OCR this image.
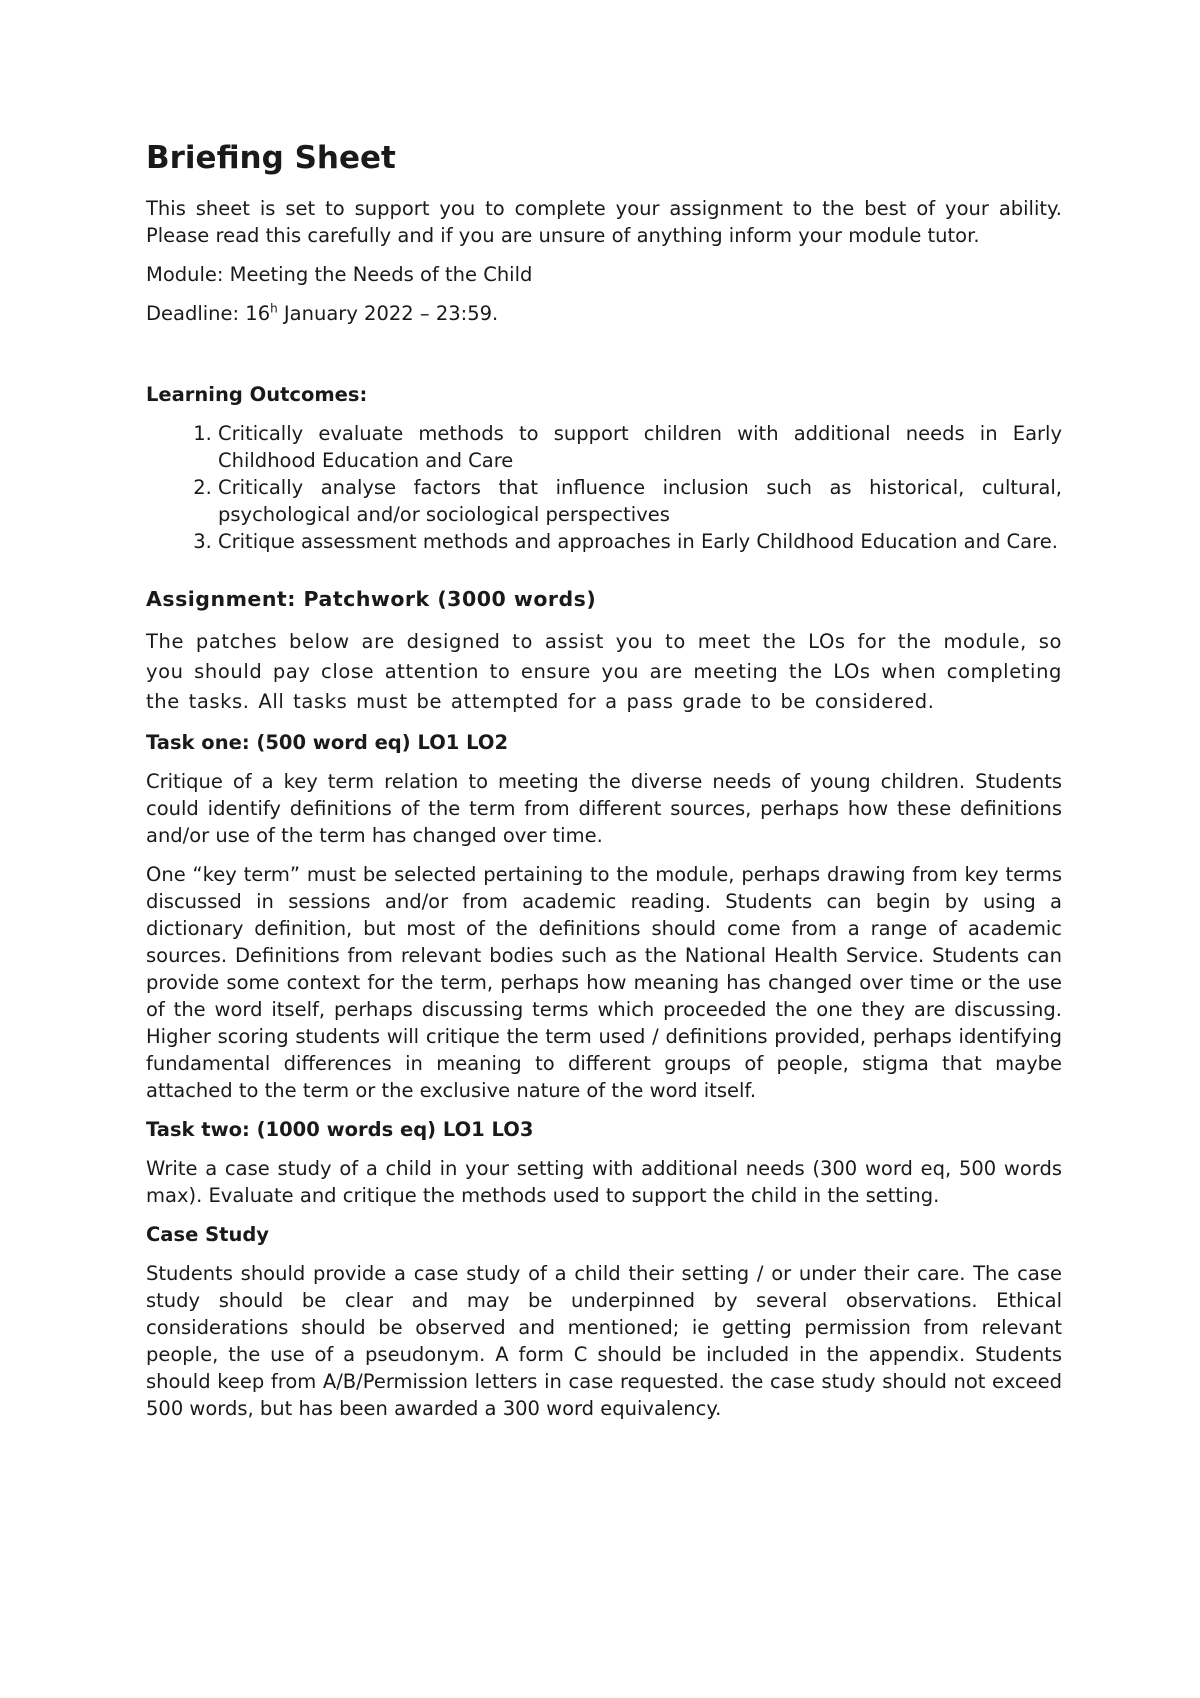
Briefing Sheet

This sheet is set to support you to complete your assignment to the best of your ability. Please read this carefully and if you are unsure of anything inform your module tutor.

Module: Meeting the Needs of the Child

Deadline: 16$^h$ January 2022 – 23:59.

Learning Outcomes:
1. Critically evaluate methods to support children with additional needs in Early Childhood Education and Care
2. Critically analyse factors that influence inclusion such as historical, cultural, psychological and/or sociological perspectives
3. Critique assessment methods and approaches in Early Childhood Education and Care.
Assignment: Patchwork (3000 words)

The patches below are designed to assist you to meet the LOs for the module, so you should pay close attention to ensure you are meeting the LOs when completing the tasks. All tasks must be attempted for a pass grade to be considered.

Task one: (500 word eq) LO1 LO2

Critique of a key term relation to meeting the diverse needs of young children. Students could identify definitions of the term from different sources, perhaps how these definitions and/or use of the term has changed over time.

One “key term” must be selected pertaining to the module, perhaps drawing from key terms discussed in sessions and/or from academic reading. Students can begin by using a dictionary definition, but most of the definitions should come from a range of academic sources. Definitions from relevant bodies such as the National Health Service. Students can provide some context for the term, perhaps how meaning has changed over time or the use of the word itself, perhaps discussing terms which proceeded the one they are discussing. Higher scoring students will critique the term used / definitions provided, perhaps identifying fundamental differences in meaning to different groups of people, stigma that maybe attached to the term or the exclusive nature of the word itself.

Task two: (1000 words eq) LO1 LO3

Write a case study of a child in your setting with additional needs (300 word eq, 500 words max). Evaluate and critique the methods used to support the child in the setting.

Case Study

Students should provide a case study of a child their setting / or under their care. The case study should be clear and may be underpinned by several observations. Ethical considerations should be observed and mentioned; ie getting permission from relevant people, the use of a pseudonym. A form C should be included in the appendix. Students should keep from A/B/Permission letters in case requested. the case study should not exceed 500 words, but has been awarded a 300 word equivalency.
